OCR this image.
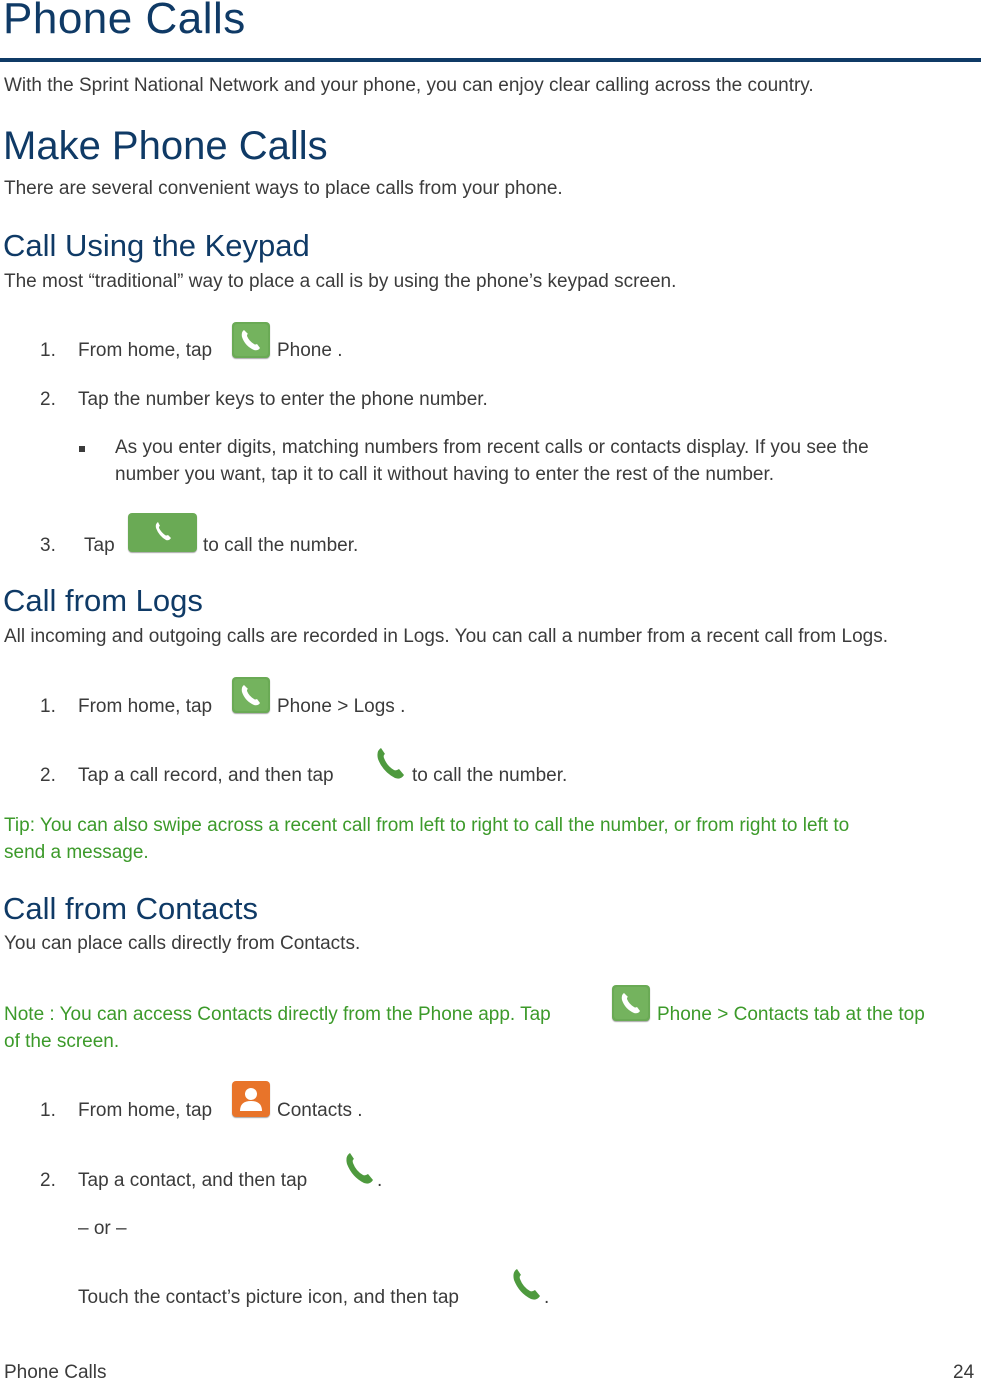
Phone Calls
With the Sprint National Network and your phone, you can enjoy clear calling across the country.
Make Phone Calls
There are several convenient ways to place calls from your phone.
Call Using the Keypad
The most “traditional” way to place a call is by using the phone’s keypad screen.
1. From home, tap	Phone .
2. Tap the number keys to enter the phone number.
As you enter digits, matching numbers from recent calls or contacts display. If you see the
number you want, tap it to call it without having to enter the rest of the number.
3. Tap	to call the number.
Call from Logs
All incoming and outgoing calls are recorded in Logs. You can call a number from a recent call from Logs.
1. From home, tap	Phone > Logs .
2. Tap a call record, and then tap	to call the number.
Tip: You can also swipe across a recent call from left to right to call the number, or from right to left to
send a message.
Call from Contacts
You can place calls directly from Contacts.
Note : You can access Contacts directly from the Phone app. Tap	Phone > Contacts tab at the top
of the screen.
1. From home, tap	Contacts .
2. Tap a contact, and then tap	.
– or –
Touch the contact’s picture icon, and then tap	.
Phone Calls	24
